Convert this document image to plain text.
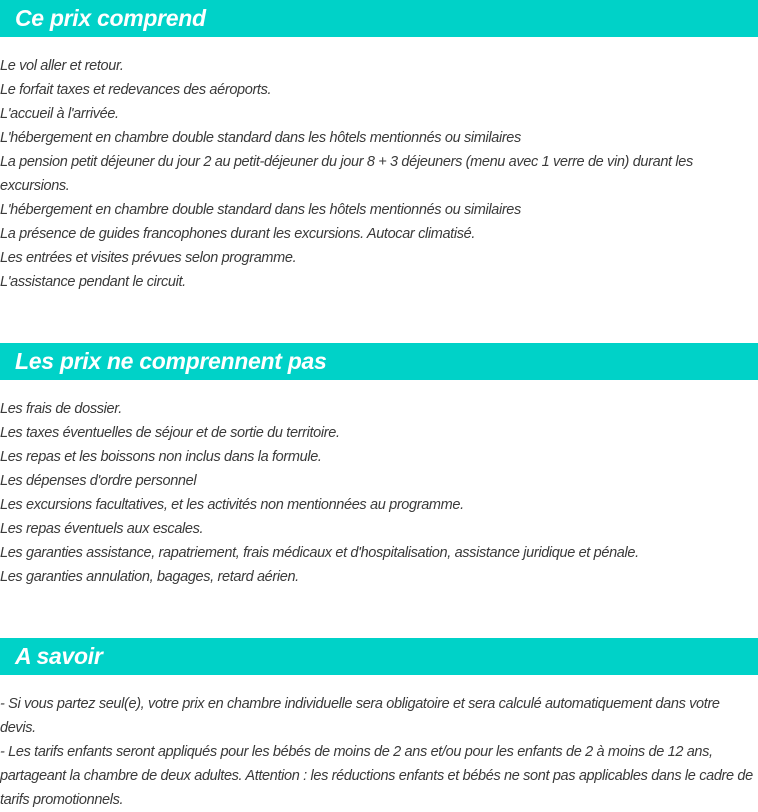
Ce prix comprend

Le vol aller et retour.

Le forfait taxes et redevances des aéroports.

L'accueil à l'arrivée.

L'hébergement en chambre double standard dans les hôtels mentionnés ou similaires

La pension petit déjeuner du jour 2 au petit-déjeuner du jour 8 + 3 déjeuners (menu avec 1 verre de vin) durant les excursions.

L'hébergement en chambre double standard dans les hôtels mentionnés ou similaires

La présence de guides francophones durant les excursions. Autocar climatisé.

Les entrées et visites prévues selon programme.

L'assistance pendant le circuit.

Les prix ne comprennent pas

Les frais de dossier.

Les taxes éventuelles de séjour et de sortie du territoire.

Les repas et les boissons non inclus dans la formule.

Les dépenses d'ordre personnel

Les excursions facultatives, et les activités non mentionnées au programme.

Les repas éventuels aux escales.

Les garanties assistance, rapatriement, frais médicaux et d'hospitalisation, assistance juridique et pénale.

Les garanties annulation, bagages, retard aérien.

A savoir

- Si vous partez seul(e), votre prix en chambre individuelle sera obligatoire et sera calculé automatiquement dans votre devis.

- Les tarifs enfants seront appliqués pour les bébés de moins de 2 ans et/ou pour les enfants de 2 à moins de 12 ans, partageant la chambre de deux adultes. Attention : les réductions enfants et bébés ne sont pas applicables dans le cadre de tarifs promotionnels.
